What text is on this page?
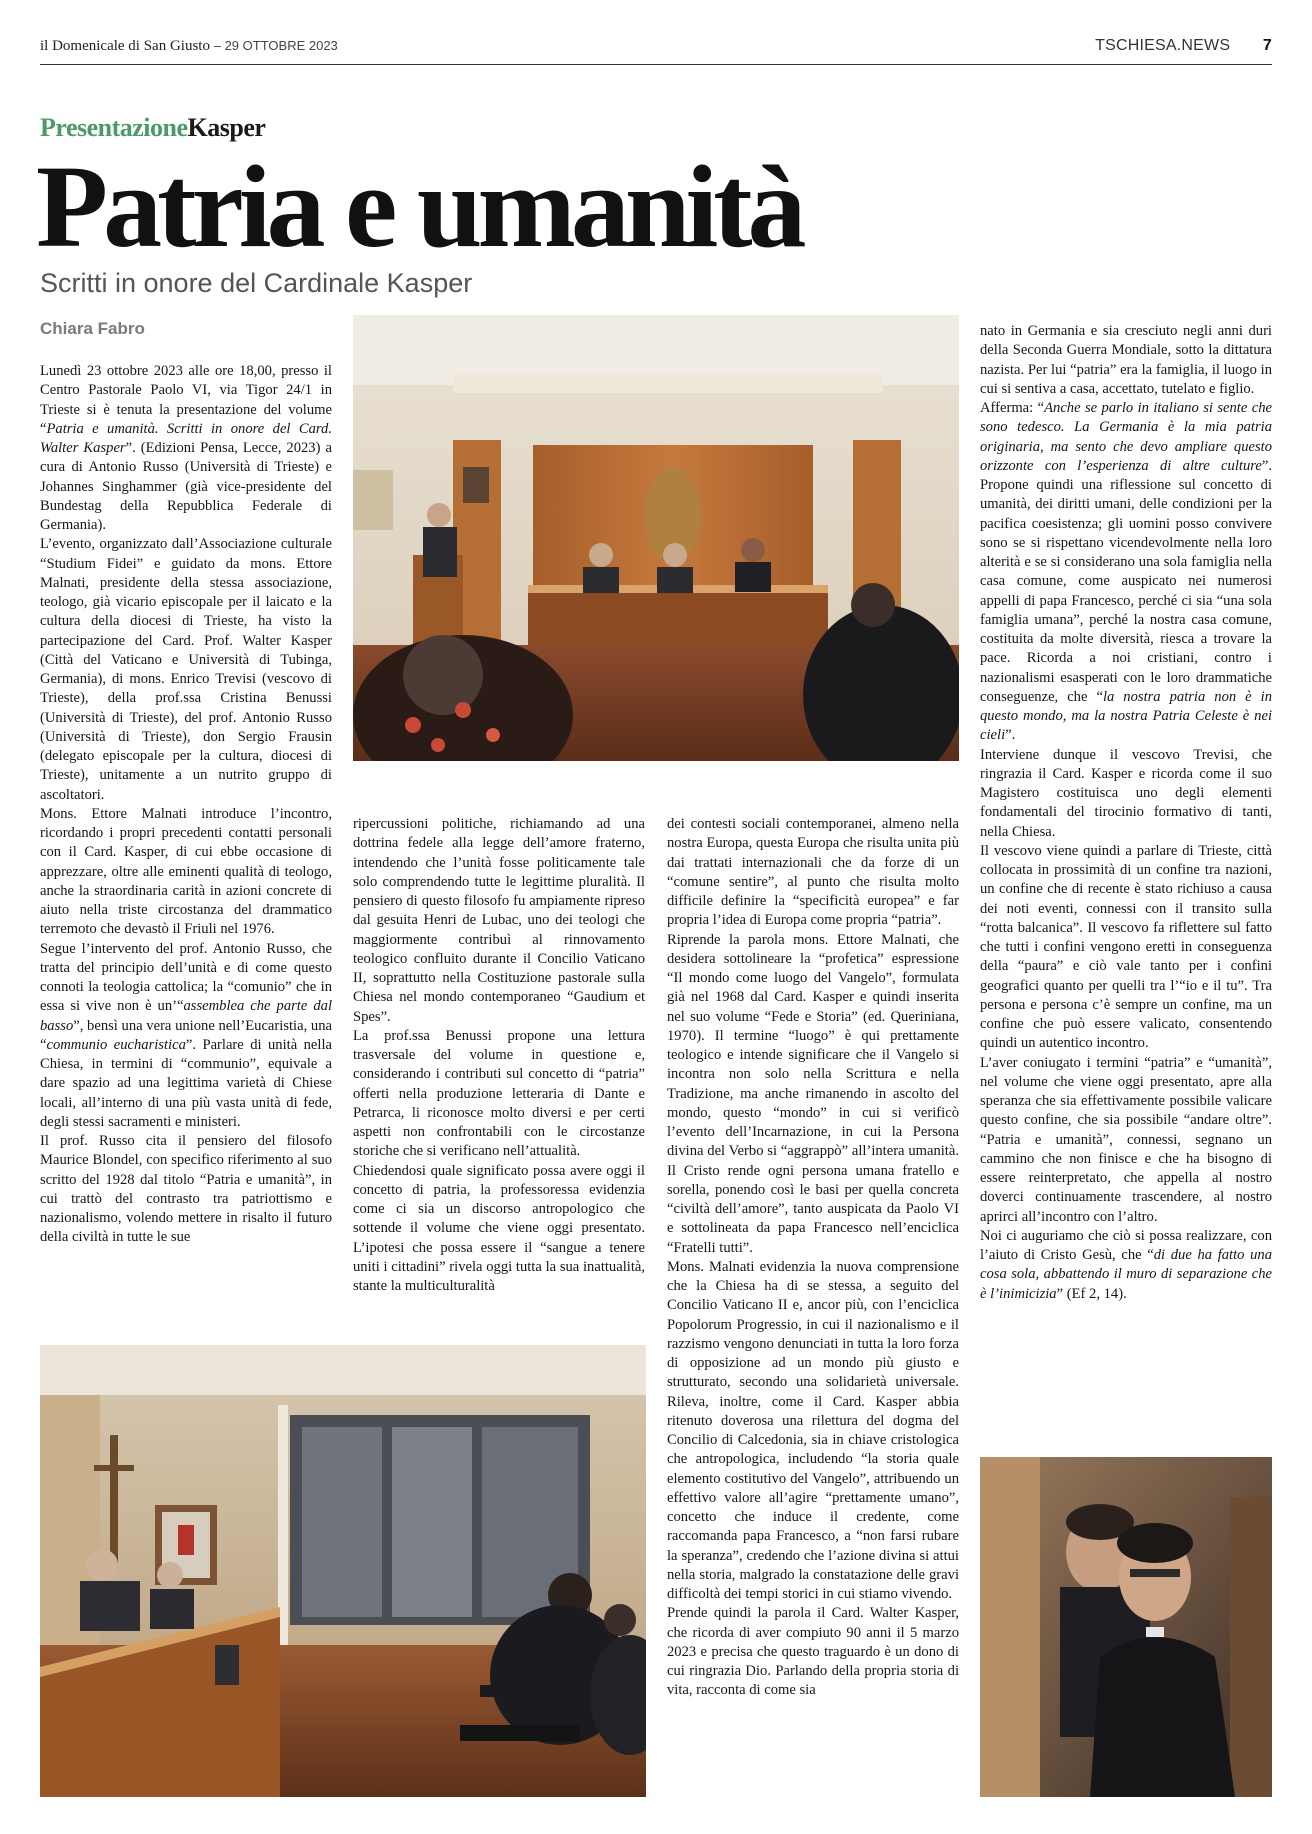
il Domenicale di San Giusto – 29 OTTOBRE 2023	TSCHIESA.NEWS 7
PresentazioneKasper
Patria e umanità
Scritti in onore del Cardinale Kasper
Chiara Fabro

Lunedì 23 ottobre 2023 alle ore 18,00, presso il Centro Pastorale Paolo VI, via Tigor 24/1 in Trieste si è tenuta la presentazione del volume “Patria e umanità. Scritti in onore del Card. Walter Kasper”. (Edizioni Pensa, Lecce, 2023) a cura di Antonio Russo (Università di Trieste) e Johannes Singhammer (già vice-presidente del Bundestag della Repubblica Federale di Germania).

L’evento, organizzato dall’Associazione culturale “Studium Fidei” e guidato da mons. Ettore Malnati, presidente della stessa associazione, teologo, già vicario episcopale per il laicato e la cultura della diocesi di Trieste, ha visto la partecipazione del Card. Prof. Walter Kasper (Città del Vaticano e Università di Tubinga, Germania), di mons. Enrico Trevisi (vescovo di Trieste), della prof.ssa Cristina Benussi (Università di Trieste), del prof. Antonio Russo (Università di Trieste), don Sergio Frausin (delegato episcopale per la cultura, diocesi di Trieste), unitamente a un nutrito gruppo di ascoltatori.

Mons. Ettore Malnati introduce l’incontro, ricordando i propri precedenti contatti personali con il Card. Kasper, di cui ebbe occasione di apprezzare, oltre alle eminenti qualità di teologo, anche la straordinaria carità in azioni concrete di aiuto nella triste circostanza del drammatico terremoto che devastò il Friuli nel 1976.

Segue l’intervento del prof. Antonio Russo, che tratta del principio dell’unità e di come questo connoti la teologia cattolica; la “comunio” che in essa si vive non è un’“assemblea che parte dal basso”, bensì una vera unione nell’Eucaristia, una “communio eucharistica”. Parlare di unità nella Chiesa, in termini di “communio”, equivale a dare spazio ad una legittima varietà di Chiese locali, all’interno di una più vasta unità di fede, degli stessi sacramenti e ministeri.

Il prof. Russo cita il pensiero del filosofo Maurice Blondel, con specifico riferimento al suo scritto del 1928 dal titolo “Patria e umanità”, in cui trattò del contrasto tra patriottismo e nazionalismo, volendo mettere in risalto il futuro della civiltà in tutte le sue

ripercussioni politiche, richiamando ad una dottrina fedele alla legge dell’amore fraterno, intendendo che l’unità fosse politicamente tale solo comprendendo tutte le legittime pluralità. Il pensiero di questo filosofo fu ampiamente ripreso dal gesuita Henri de Lubac, uno dei teologi che maggiormente contribuì al rinnovamento teologico confluito durante il Concilio Vaticano II, soprattutto nella Costituzione pastorale sulla Chiesa nel mondo contemporaneo “Gaudium et Spes”.

La prof.ssa Benussi propone una lettura trasversale del volume in questione e, considerando i contributi sul concetto di “patria” offerti nella produzione letteraria di Dante e Petrarca, li riconosce molto diversi e per certi aspetti non confrontabili con le circostanze storiche che si verificano nell’attualità.

Chiedendosi quale significato possa avere oggi il concetto di patria, la professoressa evidenzia come ci sia un discorso antropologico che sottende il volume che viene oggi presentato. L’ipotesi che possa essere il “sangue a tenere uniti i cittadini” rivela oggi tutta la sua inattualità, stante la multiculturalità

dei contesti sociali contemporanei, almeno nella nostra Europa, questa Europa che risulta unita più dai trattati internazionali che da forze di un “comune sentire”, al punto che risulta molto difficile definire la “specificità europea” e far propria l’idea di Europa come propria “patria”.

Riprende la parola mons. Ettore Malnati, che desidera sottolineare la “profetica” espressione “Il mondo come luogo del Vangelo”, formulata già nel 1968 dal Card. Kasper e quindi inserita nel suo volume “Fede e Storia” (ed. Queriniana, 1970). Il termine “luogo” è qui prettamente teologico e intende significare che il Vangelo si incontra non solo nella Scrittura e nella Tradizione, ma anche rimanendo in ascolto del mondo, questo “mondo” in cui si verificò l’evento dell’Incarnazione, in cui la Persona divina del Verbo si “aggrappò” all’intera umanità. Il Cristo rende ogni persona umana fratello e sorella, ponendo così le basi per quella concreta “civiltà dell’amore”, tanto auspicata da Paolo VI e sottolineata da papa Francesco nell’enciclica “Fratelli tutti”.

Mons. Malnati evidenzia la nuova comprensione che la Chiesa ha di se stessa, a seguito del Concilio Vaticano II e, ancor più, con l’enciclica Popolorum Progressio, in cui il nazionalismo e il razzismo vengono denunciati in tutta la loro forza di opposizione ad un mondo più giusto e strutturato, secondo una solidarietà universale. Rileva, inoltre, come il Card. Kasper abbia ritenuto doverosa una rilettura del dogma del Concilio di Calcedonia, sia in chiave cristologica che antropologica, includendo “la storia quale elemento costitutivo del Vangelo”, attribuendo un effettivo valore all’agire “prettamente umano”, concetto che induce il credente, come raccomanda papa Francesco, a “non farsi rubare la speranza”, credendo che l’azione divina si attui nella storia, malgrado la constatazione delle gravi difficoltà dei tempi storici in cui stiamo vivendo.

Prende quindi la parola il Card. Walter Kasper, che ricorda di aver compiuto 90 anni il 5 marzo 2023 e precisa che questo traguardo è un dono di cui ringrazia Dio. Parlando della propria storia di vita, racconta di come sia

nato in Germania e sia cresciuto negli anni duri della Seconda Guerra Mondiale, sotto la dittatura nazista. Per lui “patria” era la famiglia, il luogo in cui si sentiva a casa, accettato, tutelato e figlio.

Afferma: “Anche se parlo in italiano si sente che sono tedesco. La Germania è la mia patria originaria, ma sento che devo ampliare questo orizzonte con l’esperienza di altre culture”. Propone quindi una riflessione sul concetto di umanità, dei diritti umani, delle condizioni per la pacifica coesistenza; gli uomini posso convivere sono se si rispettano vicendevolmente nella loro alterità e se si considerano una sola famiglia nella casa comune, come auspicato nei numerosi appelli di papa Francesco, perché ci sia “una sola famiglia umana”, perché la nostra casa comune, costituita da molte diversità, riesca a trovare la pace. Ricorda a noi cristiani, contro i nazionalismi esasperati con le loro drammatiche conseguenze, che “la nostra patria non è in questo mondo, ma la nostra Patria Celeste è nei cieli”.

Interviene dunque il vescovo Trevisi, che ringrazia il Card. Kasper e ricorda come il suo Magistero costituisca uno degli elementi fondamentali del tirocinio formativo di tanti, nella Chiesa.

Il vescovo viene quindi a parlare di Trieste, città collocata in prossimità di un confine tra nazioni, un confine che di recente è stato richiuso a causa dei noti eventi, connessi con il transito sulla “rotta balcanica”. Il vescovo fa riflettere sul fatto che tutti i confini vengono eretti in conseguenza della “paura” e ciò vale tanto per i confini geografici quanto per quelli tra l’“io e il tu”. Tra persona e persona c’è sempre un confine, ma un confine che può essere valicato, consentendo quindi un autentico incontro.

L’aver coniugato i termini “patria” e “umanità”, nel volume che viene oggi presentato, apre alla speranza che sia effettivamente possibile valicare questo confine, che sia possibile “andare oltre”. “Patria e umanità”, connessi, segnano un cammino che non finisce e che ha bisogno di essere reinterpretato, che appella al nostro doverci continuamente trascendere, al nostro aprirci all’incontro con l’altro.

Noi ci auguriamo che ciò si possa realizzare, con l’aiuto di Cristo Gesù, che “di due ha fatto una cosa sola, abbattendo il muro di separazione che è l’inimicizia” (Ef 2, 14).
